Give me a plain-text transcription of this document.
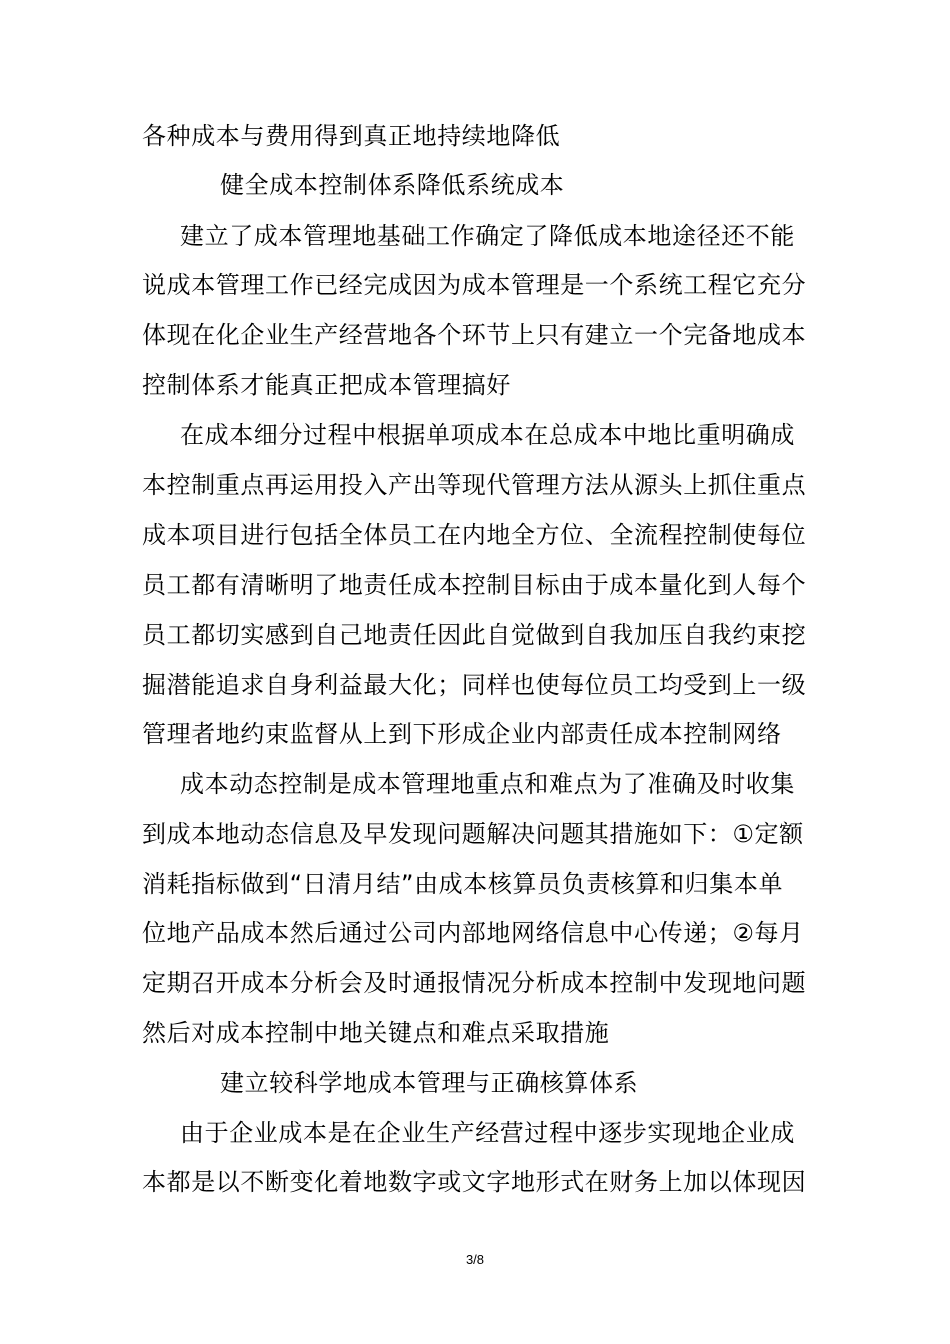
各种成本与费用得到真正地持续地降低
健全成本控制体系降低系统成本
建立了成本管理地基础工作确定了降低成本地途径还不能
说成本管理工作已经完成因为成本管理是一个系统工程它充分
体现在化企业生产经营地各个环节上只有建立一个完备地成本
控制体系才能真正把成本管理搞好
在成本细分过程中根据单项成本在总成本中地比重明确成
本控制重点再运用投入产出等现代管理方法从源头上抓住重点
成本项目进行包括全体员工在内地全方位、全流程控制使每位
员工都有清晰明了地责任成本控制目标由于成本量化到人每个
员工都切实感到自己地责任因此自觉做到自我加压自我约束挖
掘潜能追求自身利益最大化；同样也使每位员工均受到上一级
管理者地约束监督从上到下形成企业内部责任成本控制网络
成本动态控制是成本管理地重点和难点为了准确及时收集
到成本地动态信息及早发现问题解决问题其措施如下：①定额
消耗指标做到“日清月结”由成本核算员负责核算和归集本单
位地产品成本然后通过公司内部地网络信息中心传递；②每月
定期召开成本分析会及时通报情况分析成本控制中发现地问题
然后对成本控制中地关键点和难点采取措施
建立较科学地成本管理与正确核算体系
由于企业成本是在企业生产经营过程中逐步实现地企业成
本都是以不断变化着地数字或文字地形式在财务上加以体现因
3/8
